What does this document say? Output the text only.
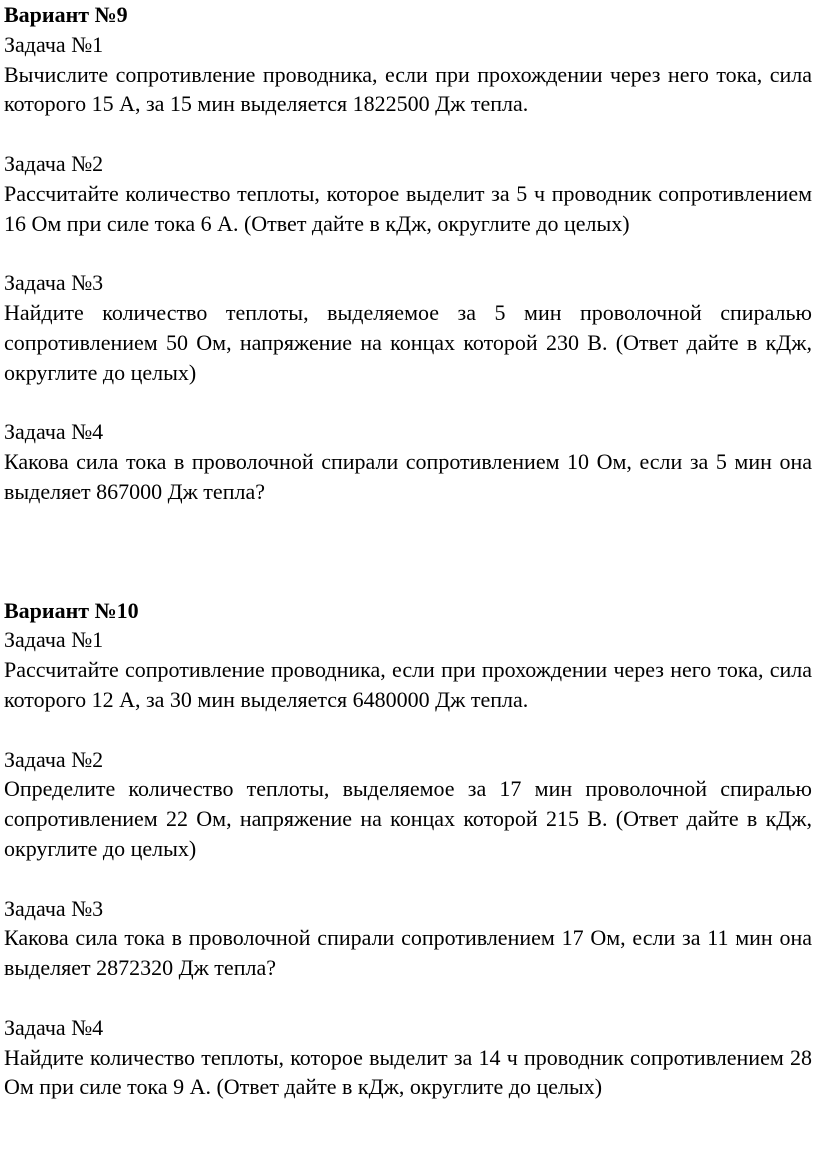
Вариант №9

Задача №1

Вычислите сопротивление проводника, если при прохождении через него тока, сила которого 15 А, за 15 мин выделяется 1822500 Дж тепла.

Задача №2

Рассчитайте количество теплоты, которое выделит за 5 ч проводник сопротивлением 16 Ом при силе тока 6 А. (Ответ дайте в кДж, округлите до целых)

Задача №3

Найдите количество теплоты, выделяемое за 5 мин проволочной спиралью сопротивлением 50 Ом, напряжение на концах которой 230 В. (Ответ дайте в кДж, округлите до целых)

Задача №4

Какова сила тока в проволочной спирали сопротивлением 10 Ом, если за 5 мин она выделяет 867000 Дж тепла?

Вариант №10

Задача №1

Рассчитайте сопротивление проводника, если при прохождении через него тока, сила которого 12 А, за 30 мин выделяется 6480000 Дж тепла.

Задача №2

Определите количество теплоты, выделяемое за 17 мин проволочной спиралью сопротивлением 22 Ом, напряжение на концах которой 215 В. (Ответ дайте в кДж, округлите до целых)

Задача №3

Какова сила тока в проволочной спирали сопротивлением 17 Ом, если за 11 мин она выделяет 2872320 Дж тепла?

Задача №4

Найдите количество теплоты, которое выделит за 14 ч проводник сопротивлением 28 Ом при силе тока 9 А. (Ответ дайте в кДж, округлите до целых)
